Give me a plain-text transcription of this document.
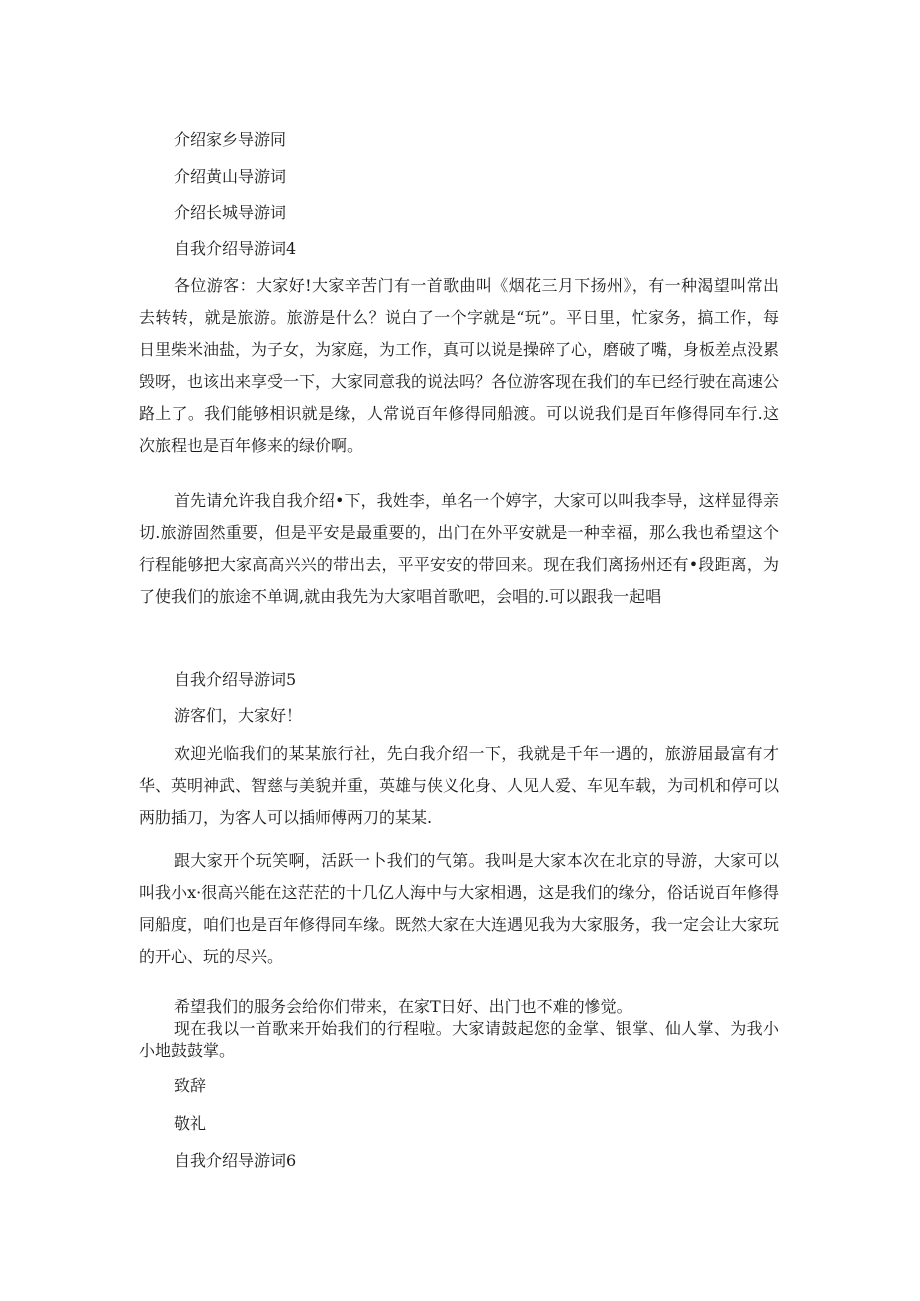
介绍家乡导游同
介绍黄山导游词
介绍长城导游词
自我介绍导游词4

各位游客：大家好!大家辛苦门有一首歌曲叫《烟花三月下扬州》，有一种渴望叫常出去转转，就是旅游。旅游是什么？说白了一个字就是“玩”。平日里，忙家务，搞工作，每日里柴米油盐，为子女，为家庭，为工作，真可以说是操碎了心，磨破了嘴，身板差点没累毁呀，也该出来享受一下，大家同意我的说法吗？各位游客现在我们的车已经行驶在高速公路上了。我们能够相识就是缘，人常说百年修得同船渡。可以说我们是百年修得同车行.这次旅程也是百年修来的绿价啊。

首先请允许我自我介绍•下，我姓李，单名一个婷字，大家可以叫我李导，这样显得亲切.旅游固然重要，但是平安是最重要的，出门在外平安就是一种幸福，那么我也希望这个行程能够把大家高高兴兴的带出去，平平安安的带回来。现在我们离扬州还有•段距离，为了使我们的旅途不单调,就由我先为大家唱首歌吧，会唱的.可以跟我一起唱

自我介绍导游词5
游客们，大家好！

欢迎光临我们的某某旅行社，先白我介绍一下，我就是千年一遇的，旅游届最富有才华、英明神武、智慈与美貌并重，英雄与侠义化身、人见人爱、车见车载，为司机和停可以两肋插刀，为客人可以插师傅两刀的某某.

跟大家开个玩笑啊，活跃一卜我们的气第。我叫是大家本次在北京的导游，大家可以叫我小x·很高兴能在这茫茫的十几亿人海中与大家相遇，这是我们的缘分，俗话说百年修得同船度，咱们也是百年修得同车缘。既然大家在大连遇见我为大家服务，我一定会让大家玩的开心、玩的尽兴。

希望我们的服务会给你们带来，在家T日好、出门也不难的慘觉。

现在我以一首歌来开始我们的行程啦。大家请鼓起您的金掌、银掌、仙人掌、为我小小地鼓鼓掌。

致辞
敬礼
自我介绍导游词6
